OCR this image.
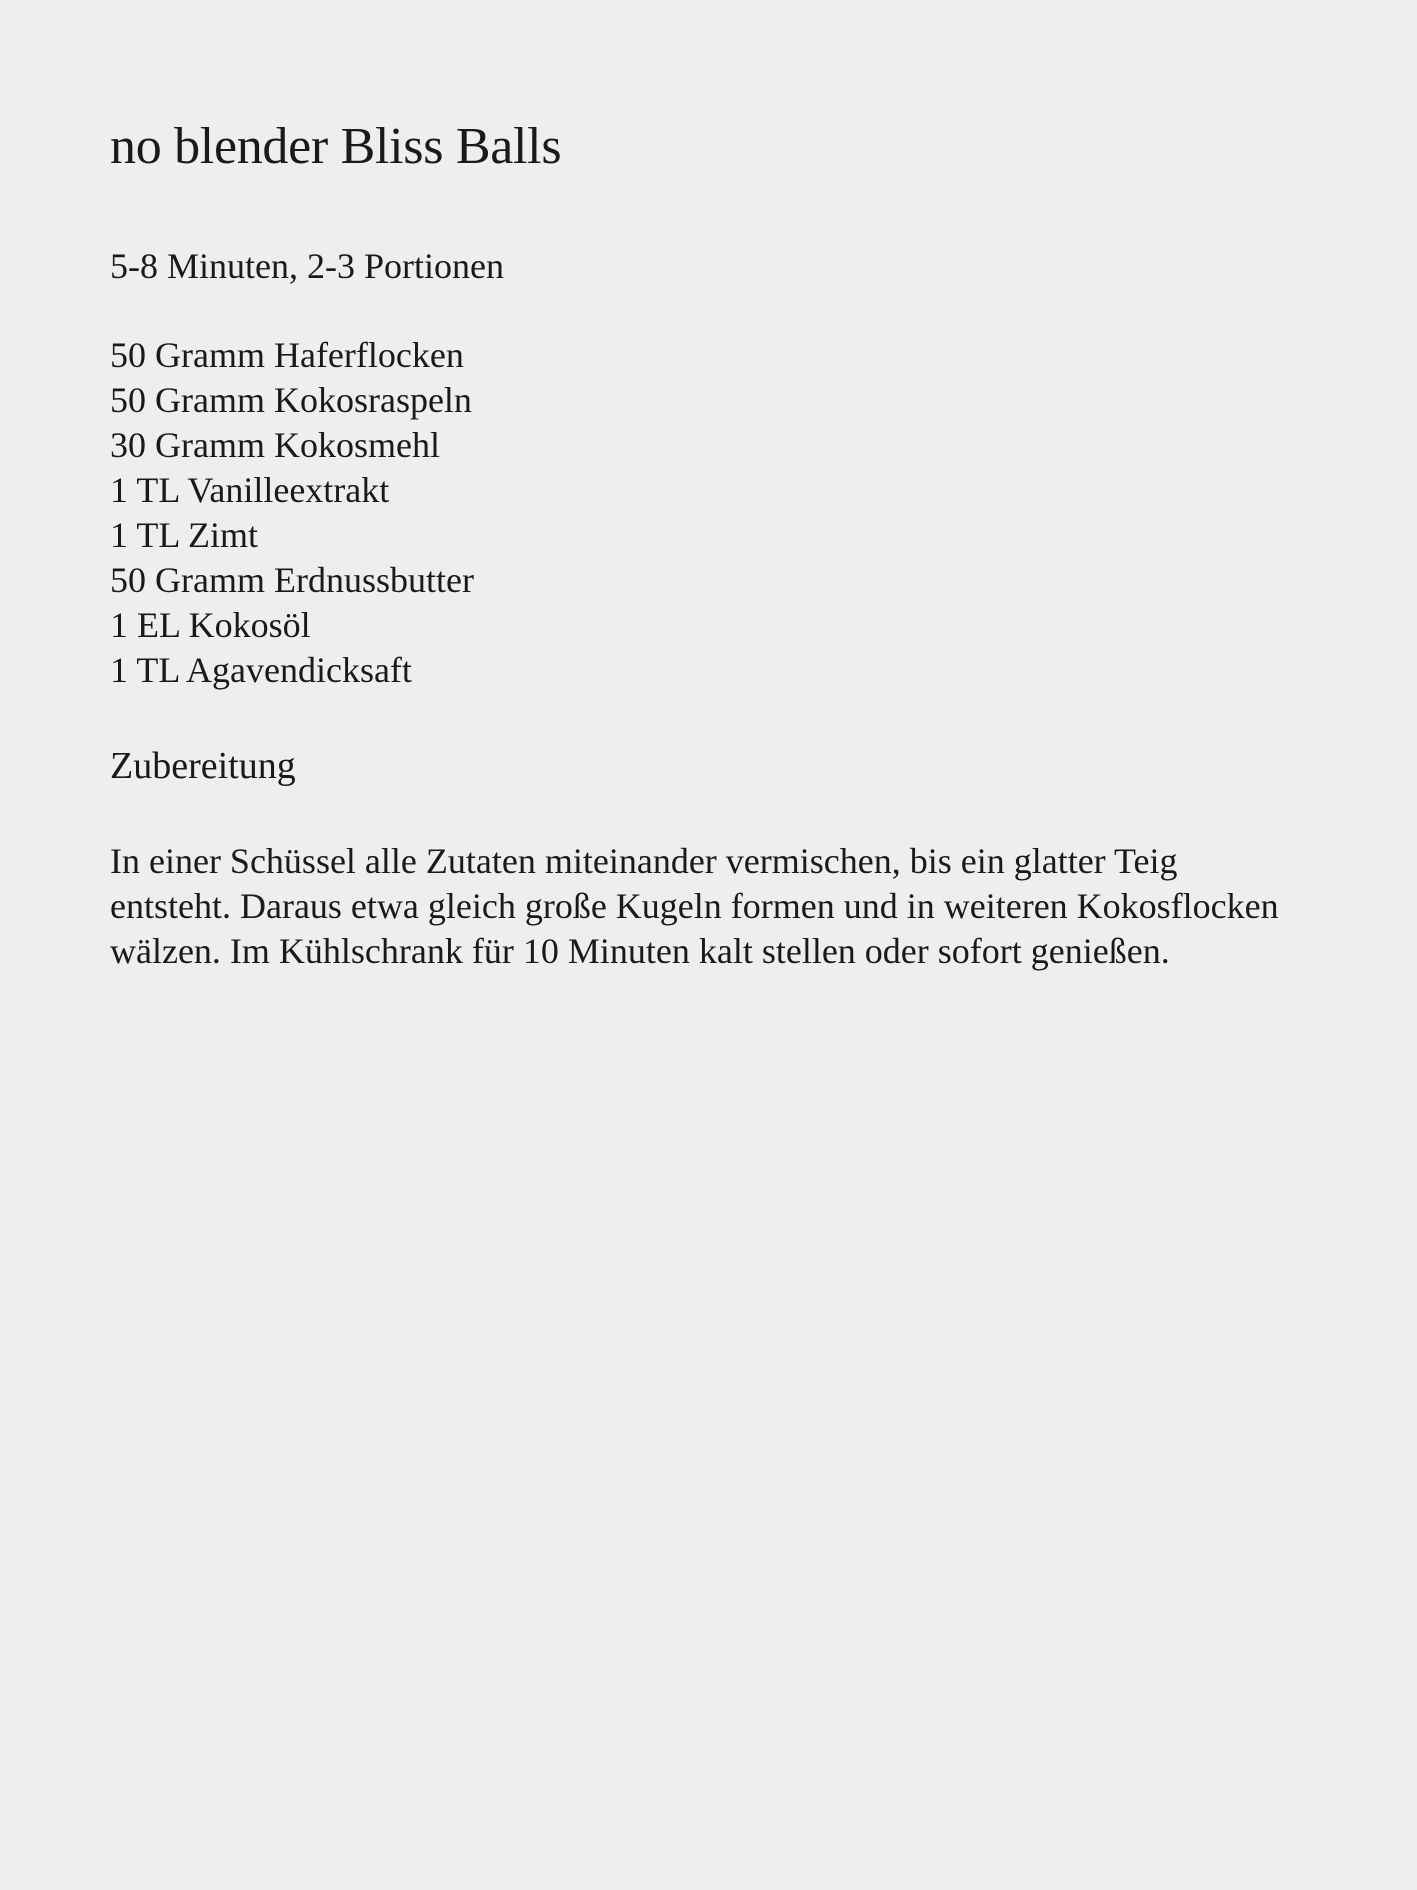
no blender Bliss Balls

5-8 Minuten, 2-3 Portionen

50 Gramm Haferflocken
50 Gramm Kokosraspeln
30 Gramm Kokosmehl
1 TL Vanilleextrakt
1 TL Zimt
50 Gramm Erdnussbutter
1 EL Kokosöl
1 TL Agavendicksaft
Zubereitung

In einer Schüssel alle Zutaten miteinander vermischen, bis ein glatter Teig entsteht. Daraus etwa gleich große Kugeln formen und in weiteren Kokosflocken wälzen. Im Kühlschrank für 10 Minuten kalt stellen oder sofort genießen.
